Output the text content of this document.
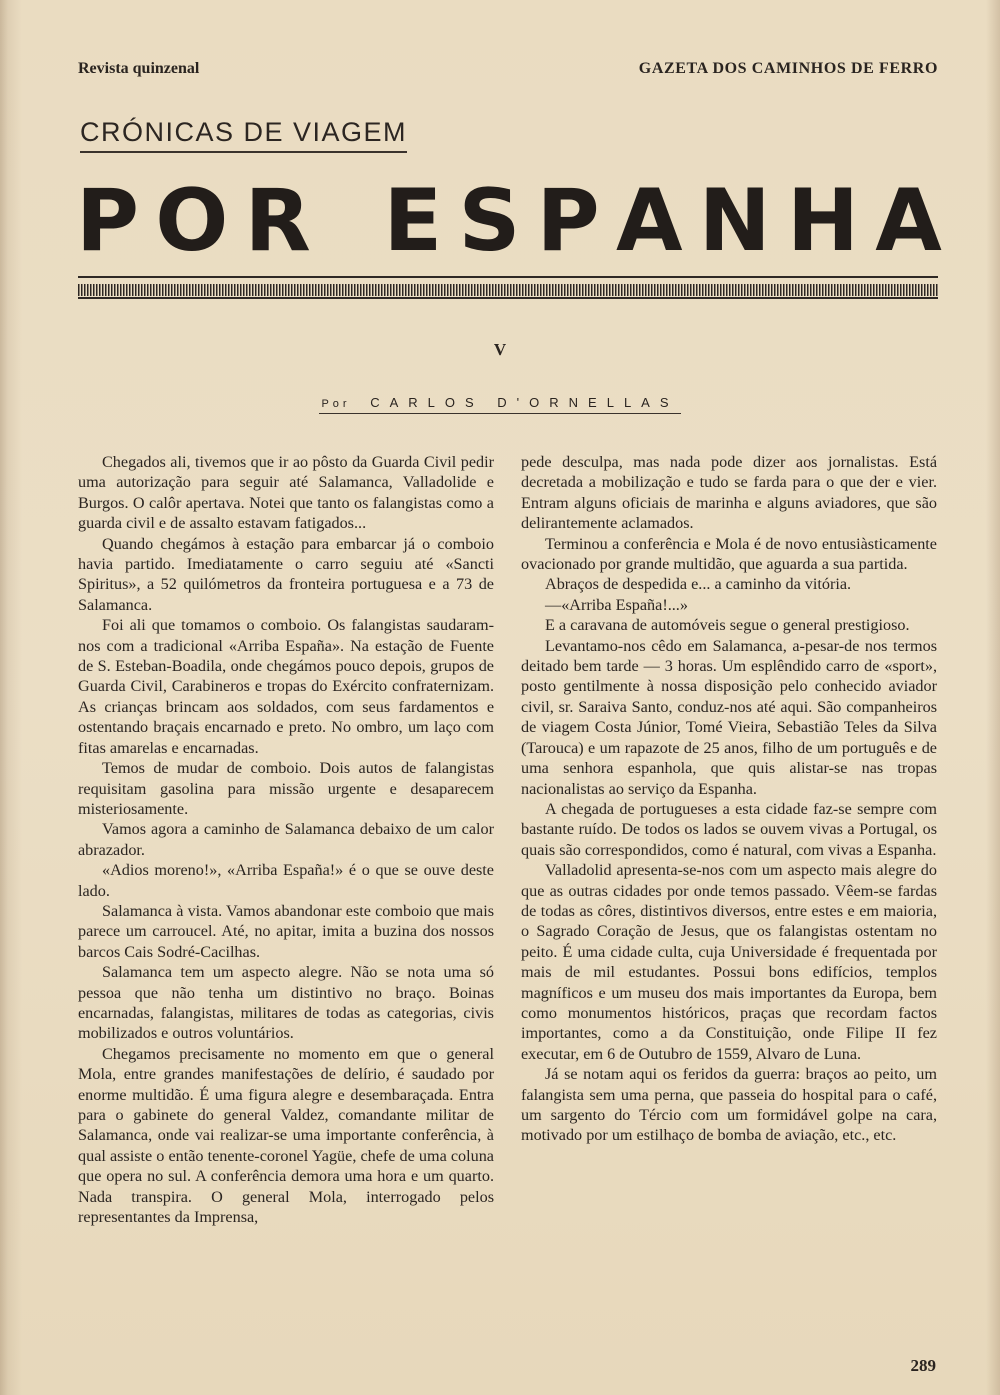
Revista quinzenal	GAZETA DOS CAMINHOS DE FERRO
CRÓNICAS DE VIAGEM
P O R E S P A N H A
V
Por CARLOS D'ORNELLAS

Chegados ali, tivemos que ir ao pôsto da Guarda Civil pedir uma autorização para seguir até Salamanca, Valladolide e Burgos. O calôr apertava. Notei que tanto os falangistas como a guarda civil e de assalto estavam fatigados...

Quando chegámos à estação para embarcar já o comboio havia partido. Imediatamente o carro seguiu até «Sancti Spiritus», a 52 quilómetros da fronteira portuguesa e a 73 de Salamanca.

Foi ali que tomamos o comboio. Os falangistas saudaram-nos com a tradicional «Arriba España». Na estação de Fuente de S. Esteban-Boadila, onde chegámos pouco depois, grupos de Guarda Civil, Carabineros e tropas do Exército confraternizam. As crianças brincam aos soldados, com seus fardamentos e ostentando braçais encarnado e preto. No ombro, um laço com fitas amarelas e encarnadas.

Temos de mudar de comboio. Dois autos de falangistas requisitam gasolina para missão urgente e desaparecem misteriosamente.

Vamos agora a caminho de Salamanca debaixo de um calor abrazador.

«Adios moreno!», «Arriba España!» é o que se ouve deste lado.

Salamanca à vista. Vamos abandonar este comboio que mais parece um carroucel. Até, no apitar, imita a buzina dos nossos barcos Cais Sodré-Cacilhas.

Salamanca tem um aspecto alegre. Não se nota uma só pessoa que não tenha um distintivo no braço. Boinas encarnadas, falangistas, militares de todas as categorias, civis mobilizados e outros voluntários.

Chegamos precisamente no momento em que o general Mola, entre grandes manifestações de delírio, é saudado por enorme multidão. É uma figura alegre e desembaraçada. Entra para o gabinete do general Valdez, comandante militar de Salamanca, onde vai realizar-se uma importante conferência, à qual assiste o então tenente-coronel Yagüe, chefe de uma coluna que opera no sul. A conferência demora uma hora e um quarto. Nada transpira. O general Mola, interrogado pelos representantes da Imprensa,

pede desculpa, mas nada pode dizer aos jornalistas. Está decretada a mobilização e tudo se farda para o que der e vier. Entram alguns oficiais de marinha e alguns aviadores, que são delirantemente aclamados.

Terminou a conferência e Mola é de novo entusiàsticamente ovacionado por grande multidão, que aguarda a sua partida.

Abraços de despedida e... a caminho da vitória.

—«Arriba España!...»

E a caravana de automóveis segue o general prestigioso.

Levantamo-nos cêdo em Salamanca, a-pesar-de nos termos deitado bem tarde — 3 horas. Um esplêndido carro de «sport», posto gentilmente à nossa disposição pelo conhecido aviador civil, sr. Saraiva Santo, conduz-nos até aqui. São companheiros de viagem Costa Júnior, Tomé Vieira, Sebastião Teles da Silva (Tarouca) e um rapazote de 25 anos, filho de um português e de uma senhora espanhola, que quis alistar-se nas tropas nacionalistas ao serviço da Espanha.

A chegada de portugueses a esta cidade faz-se sempre com bastante ruído. De todos os lados se ouvem vivas a Portugal, os quais são correspondidos, como é natural, com vivas a Espanha.

Valladolid apresenta-se-nos com um aspecto mais alegre do que as outras cidades por onde temos passado. Vêem-se fardas de todas as côres, distintivos diversos, entre estes e em maioria, o Sagrado Coração de Jesus, que os falangistas ostentam no peito. É uma cidade culta, cuja Universidade é frequentada por mais de mil estudantes. Possui bons edifícios, templos magníficos e um museu dos mais importantes da Europa, bem como monumentos históricos, praças que recordam factos importantes, como a da Constituição, onde Filipe II fez executar, em 6 de Outubro de 1559, Alvaro de Luna.

Já se notam aqui os feridos da guerra: braços ao peito, um falangista sem uma perna, que passeia do hospital para o café, um sargento do Tércio com um formidável golpe na cara, motivado por um estilhaço de bomba de aviação, etc., etc.

289
